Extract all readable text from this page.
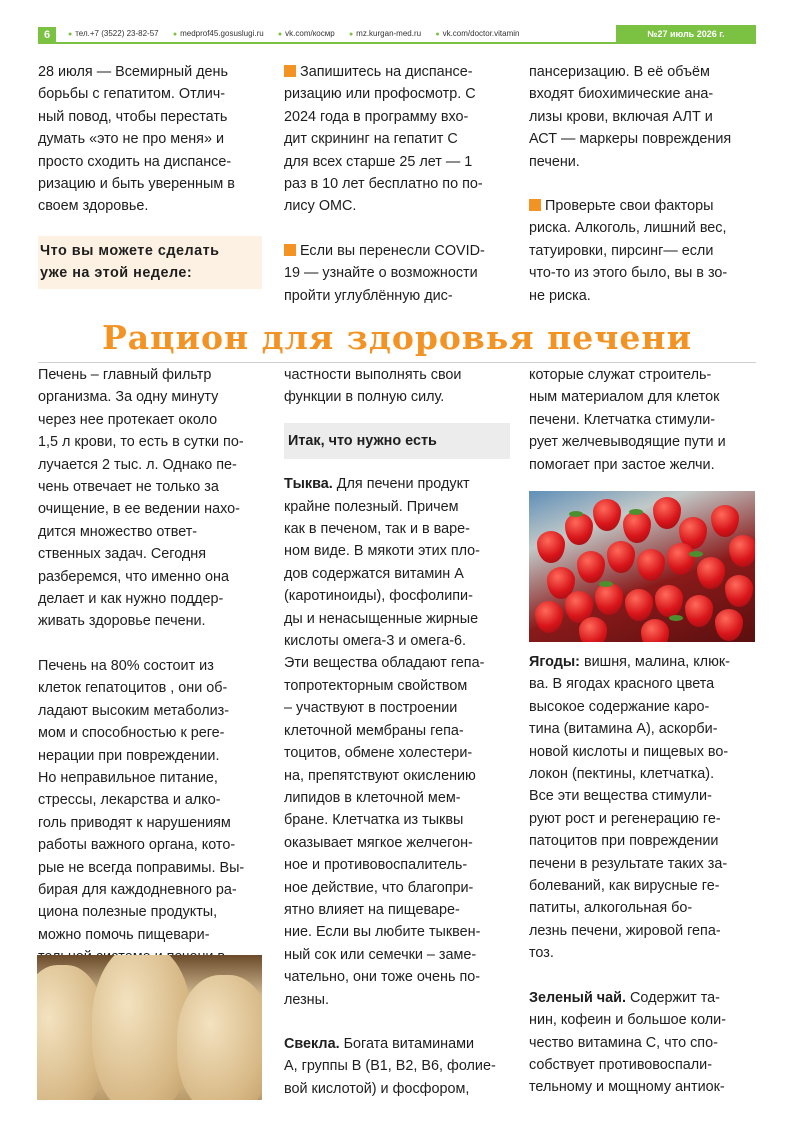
6	● тел.+7 (3522) 23-82-57	● medprof45.gosuslugi.ru	● vk.com/космр	● mz.kurgan-med.ru	● vk.com/doctor.vitamin	№27 июль 2026 г.

28 июля — Всемирный день

борьбы с гепатитом. Отлич-

ный повод, чтобы перестать

думать «это не про меня» и

просто сходить на диспансе-

ризацию и быть уверенным в

своем здоровье.

Что вы можете сделать

уже на этой неделе:

Запишитесь на диспансе-

ризацию или профосмотр. С

2024 года в программу вхо-

дит скрининг на гепатит С

для всех старше 25 лет — 1

раз в 10 лет бесплатно по по-

лису ОМС.

Если вы перенесли COVID-

19 — узнайте о возможности

пройти углублённую дис-

пансеризацию. В её объём

входят биохимические ана-

лизы крови, включая АЛТ и

АСТ — маркеры повреждения

печени.

Проверьте свои факторы

риска. Алкоголь, лишний вес,

татуировки, пирсинг— если

что-то из этого было, вы в зо-

не риска.

Рацион для здоровья печени

Печень – главный фильтр

организма. За одну минуту

через нее протекает около

1,5 л крови, то есть в сутки по-

лучается 2 тыс. л. Однако пе-

чень отвечает не только за

очищение, в ее ведении нахо-

дится множество ответ-

ственных задач. Сегодня

разберемся, что именно она

делает и как нужно поддер-

живать здоровье печени.

Печень на 80% состоит из

клеток гепатоцитов , они об-

ладают высоким метаболиз-

мом и способностью к реге-

нерации при повреждении.

Но неправильное питание,

стрессы, лекарства и алко-

голь приводят к нарушениям

работы важного органа, кото-

рые не всегда поправимы. Вы-

бирая для каждодневного ра-

циона полезные продукты,

можно помочь пищевари-

частности выполнять свои

функции в полную силу.

Итак, что нужно есть

Тыква. Для печени продукт

крайне полезный. Причем

как в печеном, так и в варе-

ном виде. В мякоти этих пло-

дов содержатся витамин А

(каротиноиды), фосфолипи-

ды и ненасыщенные жирные

кислоты омега-3 и омега-6.

Эти вещества обладают гепа-

топротекторным свойством

– участвуют в построении

клеточной мембраны гепа-

тоцитов, обмене холестери-

на, препятствуют окислению

липидов в клеточной мем-

бране. Клетчатка из тыквы

оказывает мягкое желчегон-

ное и противовоспалитель-

ное действие, что благопри-

ятно влияет на пищеваре-

ние. Если вы любите тыквен-

ный сок или семечки – заме-

чательно, они тоже очень по-

лезны.

Свекла. Богата витаминами

А, группы В (В1, В2, В6, фолие-

вой кислотой) и фосфором,

которые служат строитель-

ным материалом для клеток

печени. Клетчатка стимули-

рует желчевыводящие пути и

помогает при застое желчи.

Ягоды: вишня, малина, клюк-

ва. В ягодах красного цвета

высокое содержание каро-

тина (витамина А), аскорби-

новой кислоты и пищевых во-

локон (пектины, клетчатка).

Все эти вещества стимули-

руют рост и регенерацию ге-

патоцитов при повреждении

печени в результате таких за-

болеваний, как вирусные ге-

патиты, алкогольная бо-

лезнь печени, жировой гепа-

тоз.

Зеленый чай. Содержит та-

нин, кофеин и большое коли-

чество витамина С, что спо-

собствует противовоспали-

тельному и мощному антиок-
